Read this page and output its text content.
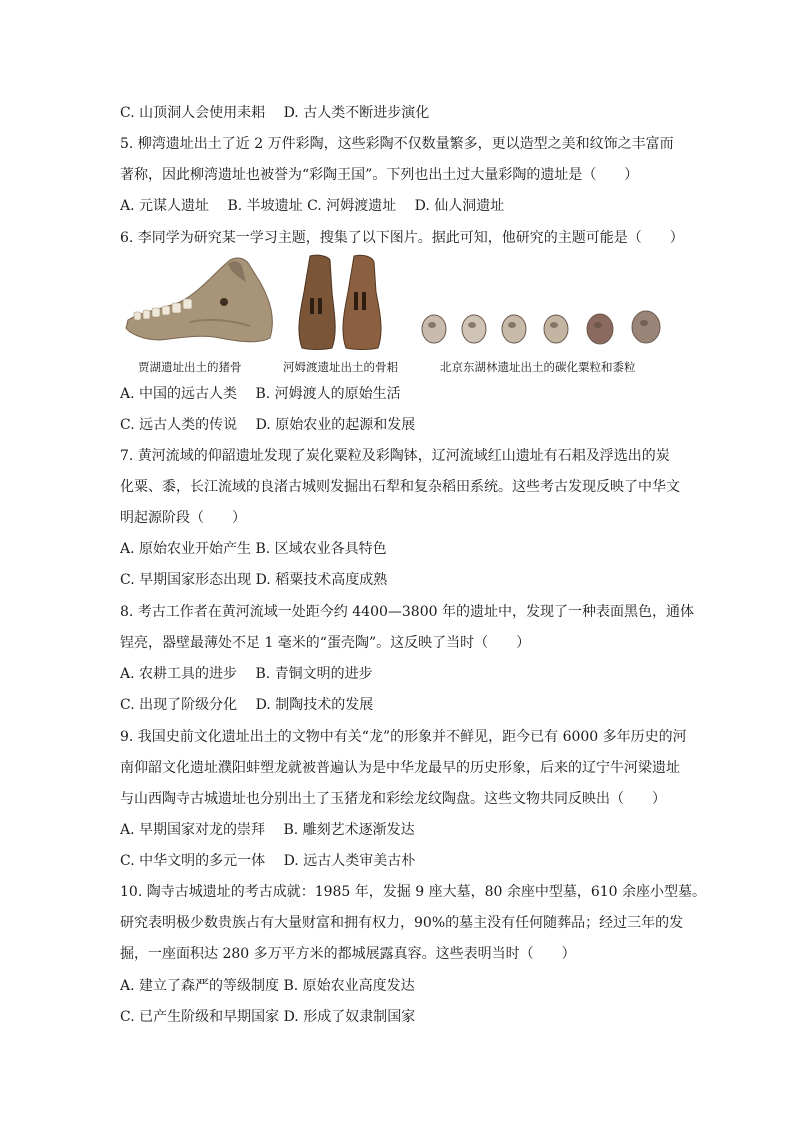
C. 山顶洞人会使用耒耜　 D. 古人类不断进步演化
5. 柳湾遗址出土了近 2 万件彩陶，这些彩陶不仅数量繁多，更以造型之美和纹饰之丰富而
著称，因此柳湾遗址也被誉为“彩陶王国”。下列也出土过大量彩陶的遗址是（　　）
A. 元谋人遗址　 B. 半坡遗址 C. 河姆渡遗址　 D. 仙人洞遗址
6. 李同学为研究某一学习主题，搜集了以下图片。据此可知，他研究的主题可能是（　　）
贾湖遗址出土的猪骨	河姆渡遗址出土的骨耜	北京东湖林遗址出土的碳化粟粒和黍粒
A. 中国的远古人类　 B. 河姆渡人的原始生活
C. 远古人类的传说　 D. 原始农业的起源和发展
7. 黄河流域的仰韶遗址发现了炭化粟粒及彩陶钵，辽河流域红山遗址有石耜及浮选出的炭
化粟、黍，长江流域的良渚古城则发掘出石犁和复杂稻田系统。这些考古发现反映了中华文
明起源阶段（　　）
A. 原始农业开始产生 B. 区域农业各具特色
C. 早期国家形态出现 D. 稻粟技术高度成熟
8. 考古工作者在黄河流域一处距今约 4400—3800 年的遗址中，发现了一种表面黑色，通体
锃亮，器壁最薄处不足 1 毫米的“蛋壳陶”。这反映了当时（　　）
A. 农耕工具的进步　 B. 青铜文明的进步
C. 出现了阶级分化　 D. 制陶技术的发展
9. 我国史前文化遗址出土的文物中有关“龙”的形象并不鲜见，距今已有 6000 多年历史的河
南仰韶文化遗址濮阳蚌塑龙就被普遍认为是中华龙最早的历史形象，后来的辽宁牛河梁遗址
与山西陶寺古城遗址也分别出土了玉猪龙和彩绘龙纹陶盘。这些文物共同反映出（　　）
A. 早期国家对龙的崇拜　 B. 雕刻艺术逐渐发达
C. 中华文明的多元一体　 D. 远古人类审美古朴
10. 陶寺古城遗址的考古成就：1985 年，发掘 9 座大墓，80 余座中型墓，610 余座小型墓。
研究表明极少数贵族占有大量财富和拥有权力，90%的墓主没有任何随葬品；经过三年的发
掘，一座面积达 280 多万平方米的都城展露真容。这些表明当时（　　）
A. 建立了森严的等级制度 B. 原始农业高度发达
C. 已产生阶级和早期国家 D. 形成了奴隶制国家
